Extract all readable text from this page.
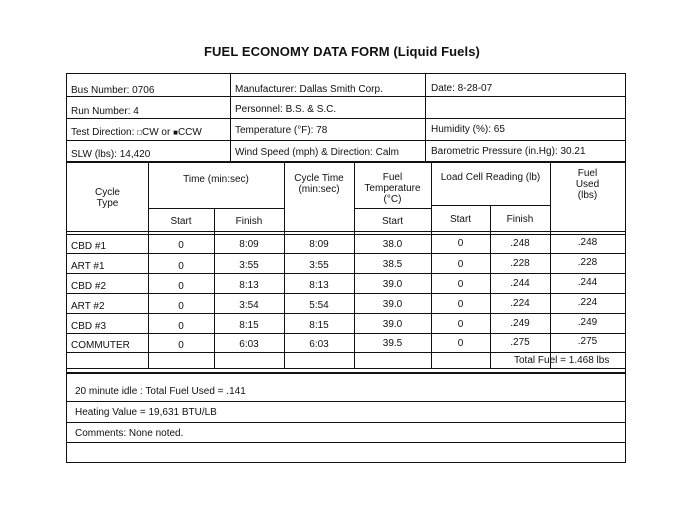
FUEL ECONOMY DATA FORM (Liquid Fuels)
Bus Number: 0706	Manufacturer: Dallas Smith Corp.	Date: 8-28-07
Run Number: 4	Personnel: B.S. & S.C.
Test Direction: □CW or ■CCW	Temperature (°F): 78	Humidity (%): 65
SLW (lbs): 14,420	Wind Speed (mph) & Direction: Calm	Barometric Pressure (in.Hg): 30.21
Cycle
Type
Time (min:sec)
Start	Finish
Cycle Time
(min:sec)
Fuel
Temperature
(°C)
Start
Load Cell Reading (lb)
Start	Finish
Fuel
Used
(lbs)
CBD #1	0	8:09	8:09	38.0	0	.248	.248
ART #1	0	3:55	3:55	38.5	0	.228	.228
CBD #2	0	8:13	8:13	39.0	0	.244	.244
ART #2	0	3:54	5:54	39.0	0	.224	.224
CBD #3	0	8:15	8:15	39.0	0	.249	.249
COMMUTER	0	6:03	6:03	39.5	0	.275	.275
Total Fuel = 1.468 lbs
20 minute idle : Total Fuel Used = .141
Heating Value = 19,631 BTU/LB
Comments: None noted.
